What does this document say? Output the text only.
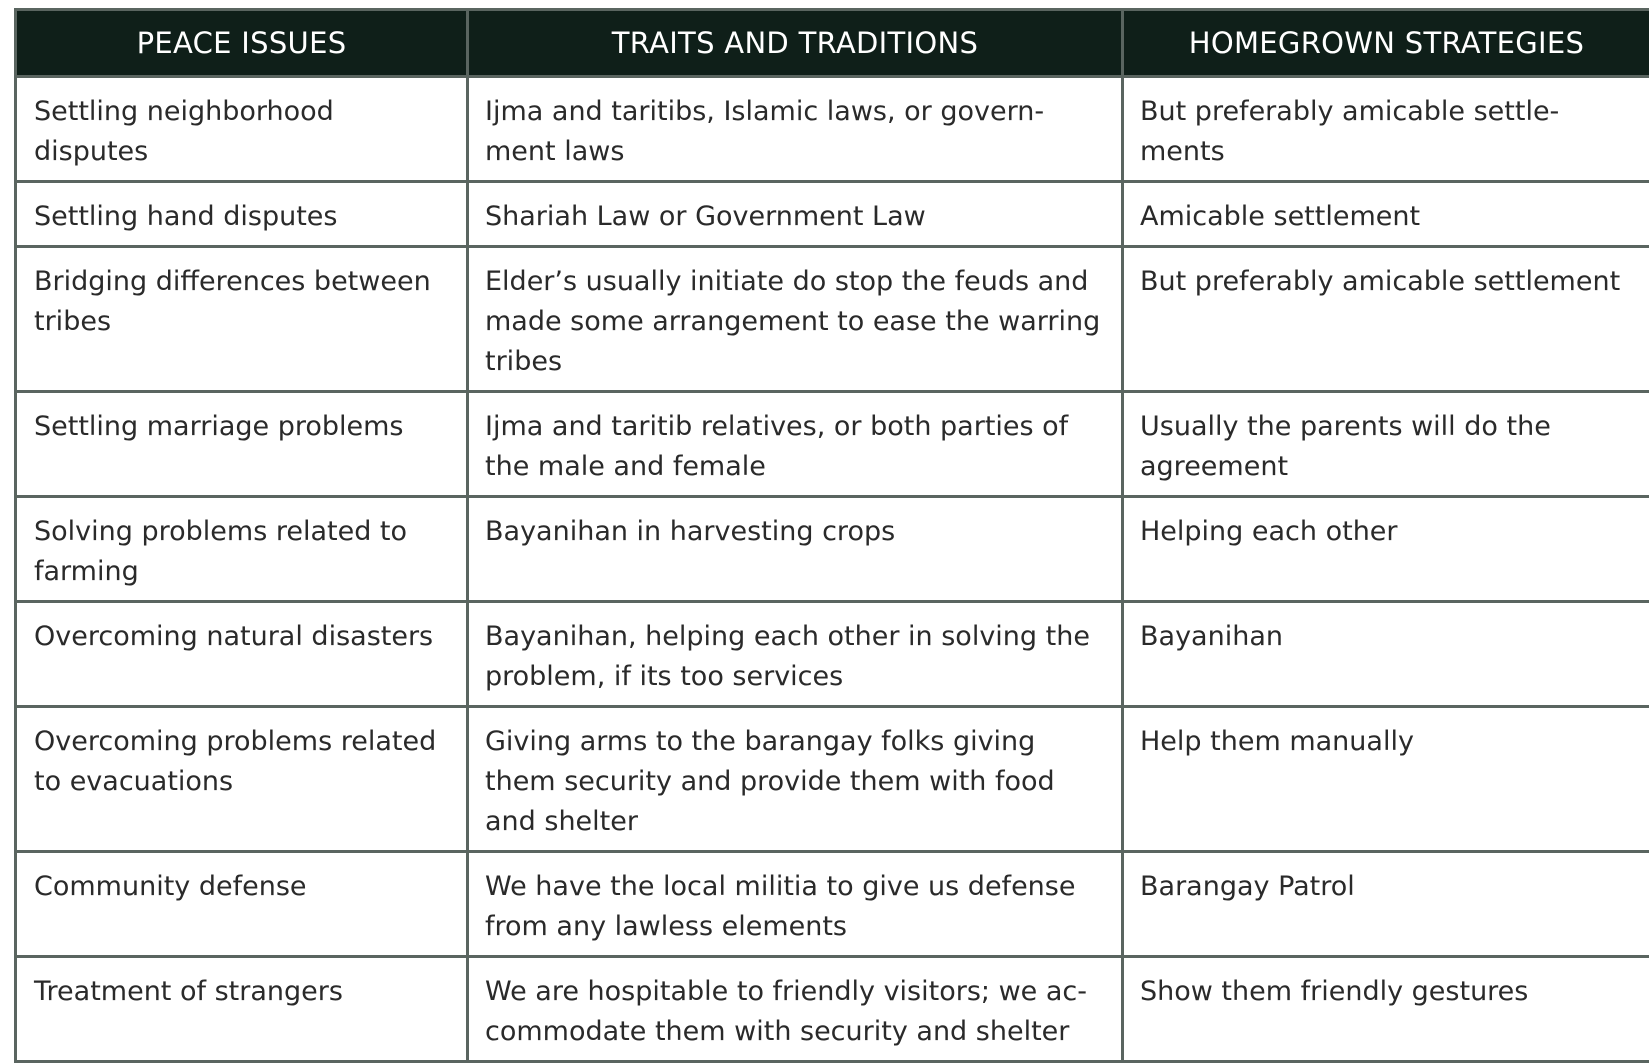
PEACE ISSUES	TRAITS AND TRADITIONS	HOMEGROWN STRATEGIES
Settling neighborhood disputes	Ijma and taritibs, Islamic laws, or govern-ment laws	But preferably amicable settle-ments
Settling hand disputes	Shariah Law or Government Law	Amicable settlement
Bridging differences between tribes	Elder’s usually initiate do stop the feuds and made some arrangement to ease the warring tribes	But preferably amicable settlement
Settling marriage problems	Ijma and taritib relatives, or both parties of the male and female	Usually the parents will do the agreement
Solving problems related to farming	Bayanihan in harvesting crops	Helping each other
Overcoming natural disasters	Bayanihan, helping each other in solving the problem, if its too services	Bayanihan
Overcoming problems related to evacuations	Giving arms to the barangay folks giving them security and provide them with food and shelter	Help them manually
Community defense	We have the local militia to give us defense from any lawless elements	Barangay Patrol
Treatment of strangers	We are hospitable to friendly visitors; we ac-commodate them with security and shelter	Show them friendly gestures
